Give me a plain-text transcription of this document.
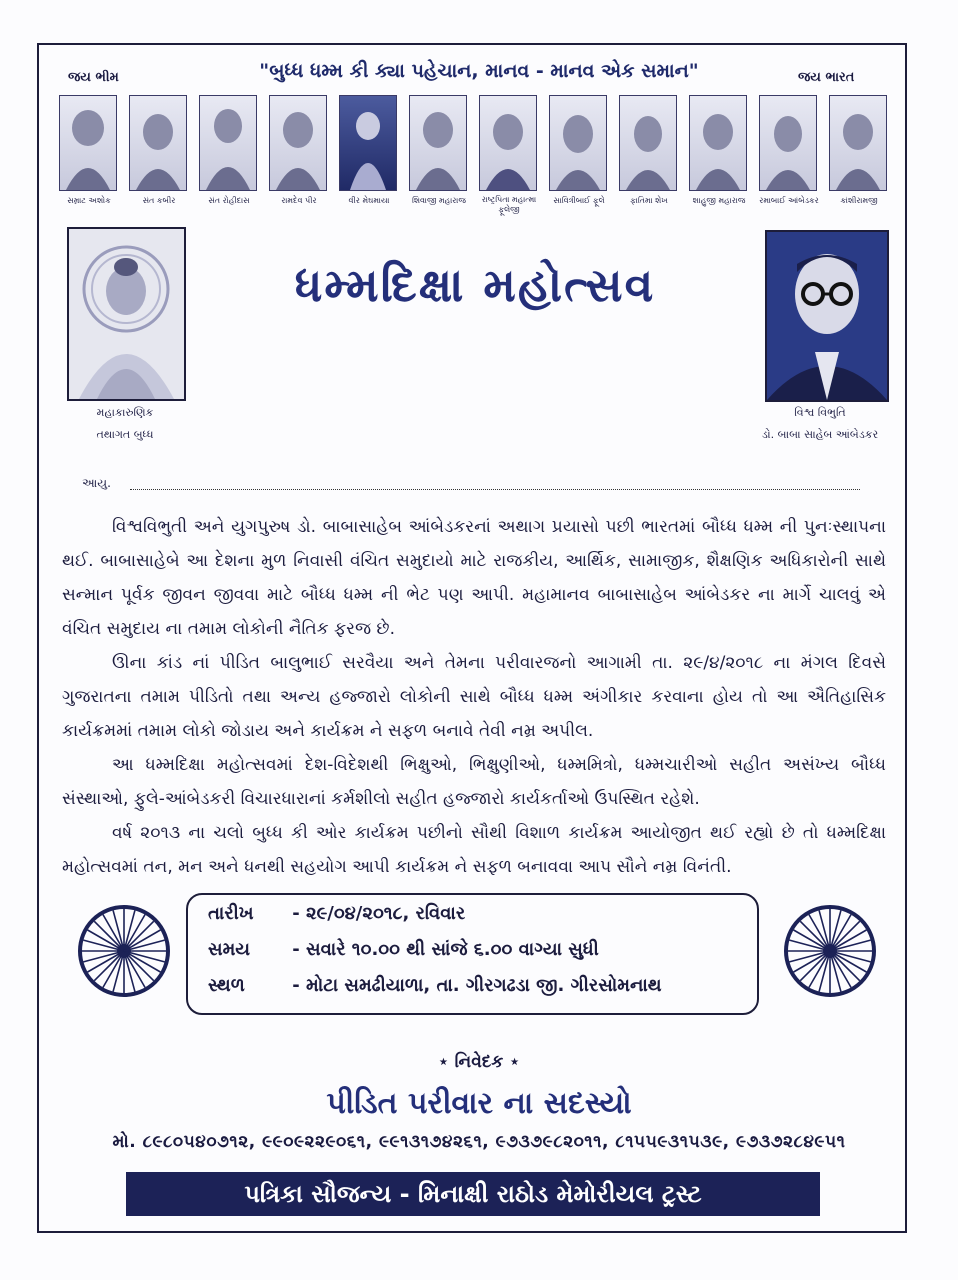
જય ભીમ	"બુધ્ધ ધમ્મ કી ક્યા પહેચાન, માનવ - માનવ એક સમાન"	જય ભારત
સમ્રાટ અશોક	સંત કબીર	સંત રોહીદાસ	રામદેવ પીર	વીર મેઘમાયા	શિવાજી મહારાજ	રાષ્ટ્રપિતા મહાત્મા ફૂલેજી
સાવિત્રીબાઈ ફૂલે	ફાતિમા શેખ	શાહુજી મહારાજ	રમાબાઈ આંબેડકર	કાંશીરામજી
મહાકારુણિક
તથાગત બુધ્ધ
ધમ્મદિક્ષા મહોત્સવ
વિશ્વ વિભુતિ
ડો. બાબા સાહેબ આંબેડકર
આયુ.

વિશ્વવિભુતી અને યુગપુરુષ ડો. બાબાસાહેબ આંબેડકરનાં અથાગ પ્રયાસો પછી ભારતમાં બૌધ્ધ ધમ્મ ની પુનઃસ્થાપના થઈ. બાબાસાહેબે આ દેશના મુળ નિવાસી વંચિત સમુદાયો માટે રાજકીય, આર્થિક, સામાજીક, શૈક્ષણિક અધિકારોની સાથે સન્માન પૂર્વક જીવન જીવવા માટે બૌધ્ધ ધમ્મ ની ભેટ પણ આપી. મહામાનવ બાબાસાહેબ આંબેડકર ના માર્ગે ચાલવું એ વંચિત સમુદાય ના તમામ લોકોની નૈતિક ફરજ છે.

ઊના કાંડ નાં પીડિત બાલુભાઈ સરવૈયા અને તેમના પરીવારજનો આગામી તા. ૨૯/૪/૨૦૧૮ ના મંગલ દિવસે ગુજરાતના તમામ પીડિતો તથા અન્ય હજ્જારો લોકોની સાથે બૌધ્ધ ધમ્મ અંગીકાર કરવાના હોય તો આ ઐતિહાસિક કાર્યક્રમમાં તમામ લોકો જોડાય અને કાર્યક્રમ ને સફળ બનાવે તેવી નમ્ર અપીલ.

આ ધમ્મદિક્ષા મહોત્સવમાં દેશ-વિદેશથી ભિક્ષુઓ, ભિક્ષુણીઓ, ધમ્મમિત્રો, ધમ્મચારીઓ સહીત અસંખ્ય બૌધ્ધ સંસ્થાઓ, ફુલે-આંબેડકરી વિચારધારાનાં કર્મશીલો સહીત હજ્જારો કાર્યકર્તાઓ ઉપસ્થિત રહેશે.

વર્ષ ૨૦૧૩ ના ચલો બુધ્ધ કી ઓર કાર્યક્રમ પછીનો સૌથી વિશાળ કાર્યક્રમ આયોજીત થઈ રહ્યો છે તો ધમ્મદિક્ષા મહોત્સવમાં તન, મન અને ધનથી સહયોગ આપી કાર્યક્રમ ને સફળ બનાવવા આપ સૌને નમ્ર વિનંતી.

તારીખ - ૨૯/૦૪/૨૦૧૮, રવિવાર
સમય - સવારે ૧૦.૦૦ થી સાંજે ૬.૦૦ વાગ્યા સુધી
સ્થળ	- મોટા સમઢીયાળા, તા. ગીરગઢડા જી. ગીરસોમનાથ
⋆ નિવેદક ⋆
પીડિત પરીવાર ના સદસ્યો
મો. ૮૯૮૦૫૪૦૭૧૨, ૯૯૦૯૨૨૯૦૬૧, ૯૯૧૩૧૭૪૨૬૧, ૯૭૩૭૯૮૨૦૧૧, ૮૧૫૫૯૩૧૫૩૯, ૯૭૩૭૨૮૪૯૫૧
પત્રિકા સૌજન્ય - મિનાક્ષી રાઠોડ મેમોરીયલ ટ્રસ્ટ
